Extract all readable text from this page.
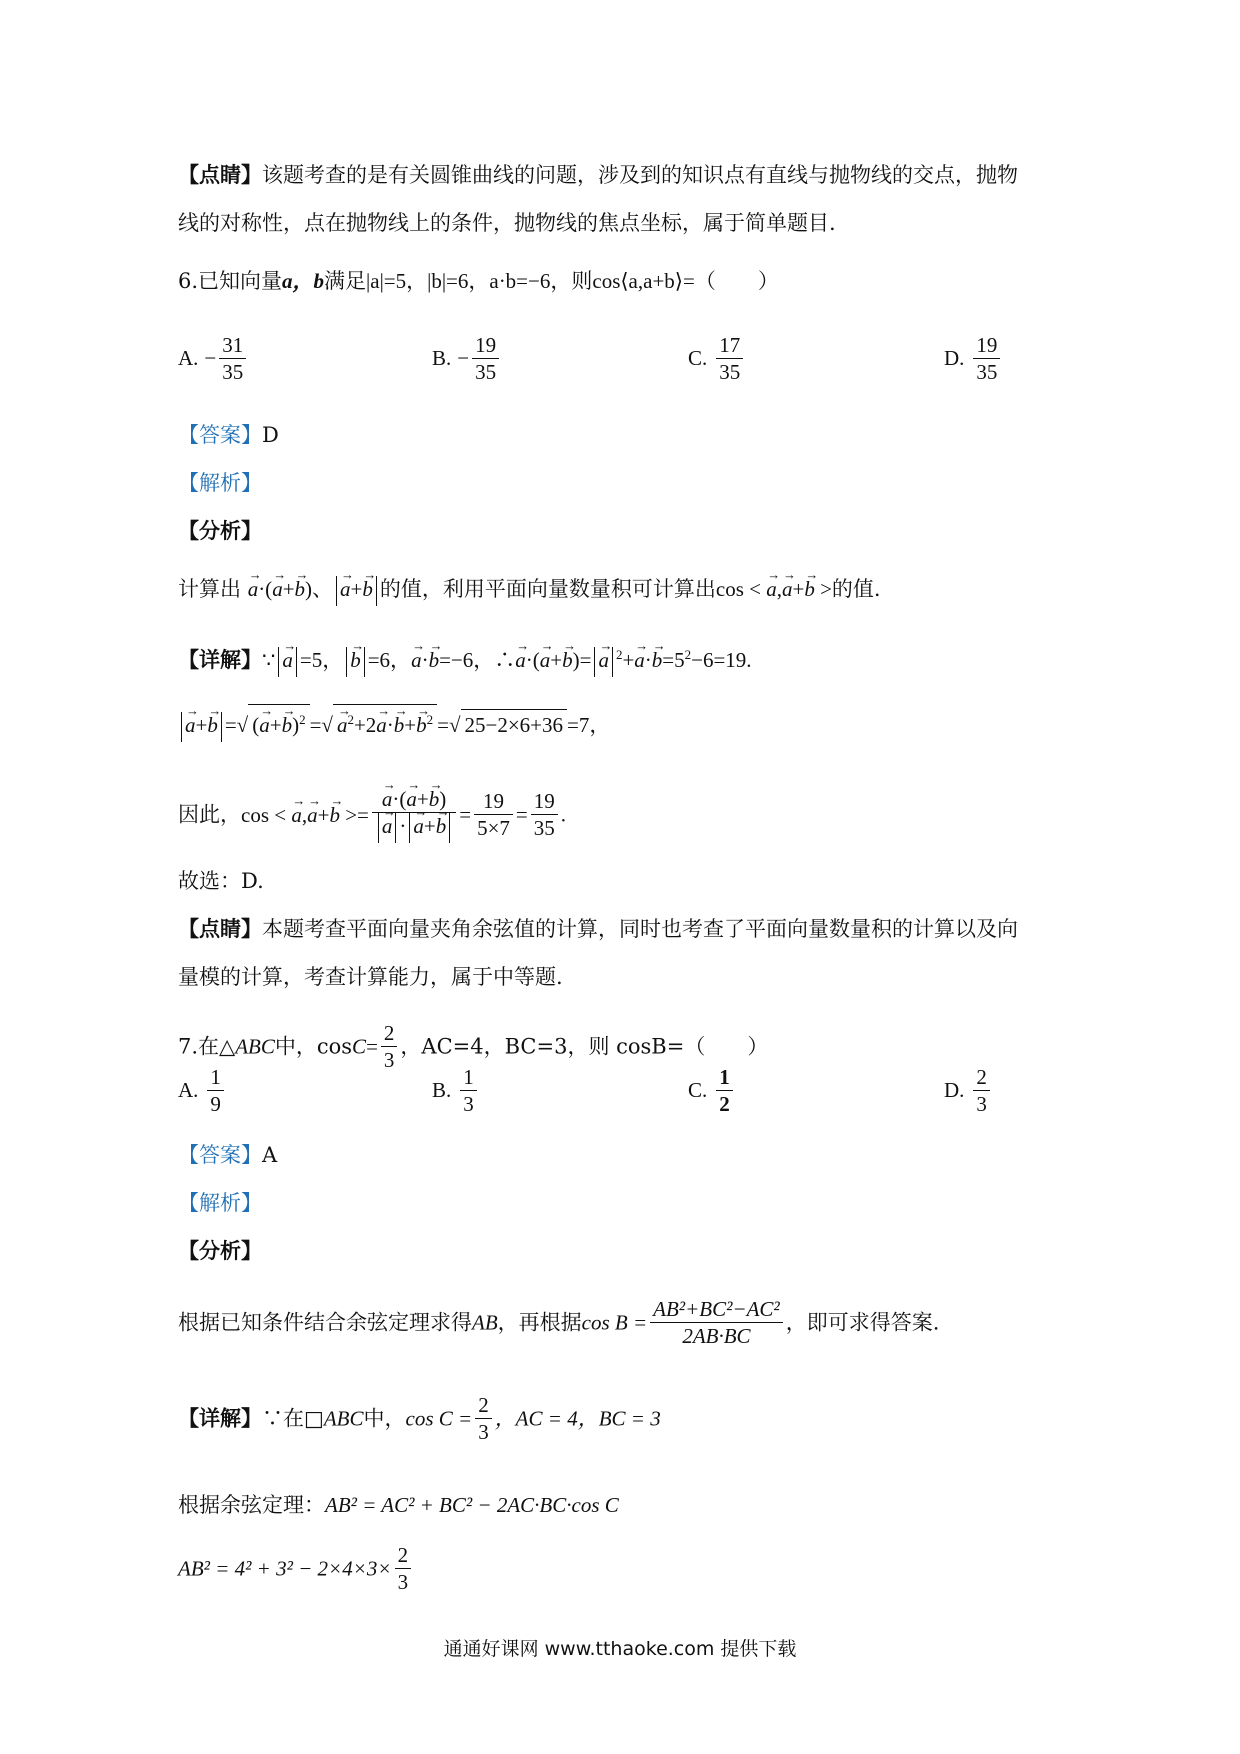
【点睛】该题考查的是有关圆锥曲线的问题，涉及到的知识点有直线与抛物线的交点，抛物
线的对称性，点在抛物线上的条件，抛物线的焦点坐标，属于简单题目.
6.已知向量a，b满足|a|=5，|b|=6，a·b=−6，则cos⟨a,a+b⟩=（　　）
A. − $\frac{31}{35}$	B. − $\frac{19}{35}$	C. $\frac{17}{35}$	D. $\frac{19}{35}$
【答案】D
【解析】
【分析】
计算出 → a·(→ a+→ b)、→ a+→ b 的值，利用平面向量数量积可计算出cos < → a,→ a+→ b >的值.
【详解】∵→ a =5，→ b =6，→ a·→ b=−6，∴→ a·(→ a+→ b)=→ a $^2+\to a\cdot\to b=5^2-6=19$.
→ a+→ b =√ (→ a+→ b)$^2$ =√→ $a^2+2\to a\cdot\to b+\to b^2$ =√ 25−2×6+36 =7，
因此，cos < → a,→ a+→ b >=
→ a·(→ a+→ b)
→ $a \cdot\to a+\to b = \frac{19}{5\times 7} = \frac{19}{35}$ .
故选：D.
【点睛】本题考查平面向量夹角余弦值的计算，同时也考查了平面向量数量积的计算以及向
量模的计算，考查计算能力，属于中等题.
7.在△ABC中，$\cos C= \frac{2}{3}$ ，AC=4，BC=3，则 cosB=（　　）
A. $\frac{1}{9}$	B. $\frac{1}{3}$	C. $\frac{1}{2}$	D. $\frac{2}{3}$
【答案】A
【解析】
【分析】
根据已知条件结合余弦定理求得AB，再根据$\cos B = \frac{\text{AB²+BC²−AC²}}{2AB\cdot BC}$ ，即可求得答案.
【详解】∵在□ABC中，$\cos C = \frac{2}{3}$ ，AC = 4，BC = 3
根据余弦定理：AB² = AC² + BC² − 2AC·BC·cos C
$AB^2 = 4^2 + 3^2 - 2\times 4\times 3\times \frac{2}{3}$
通通好课网 www.tthaoke.com 提供下载
